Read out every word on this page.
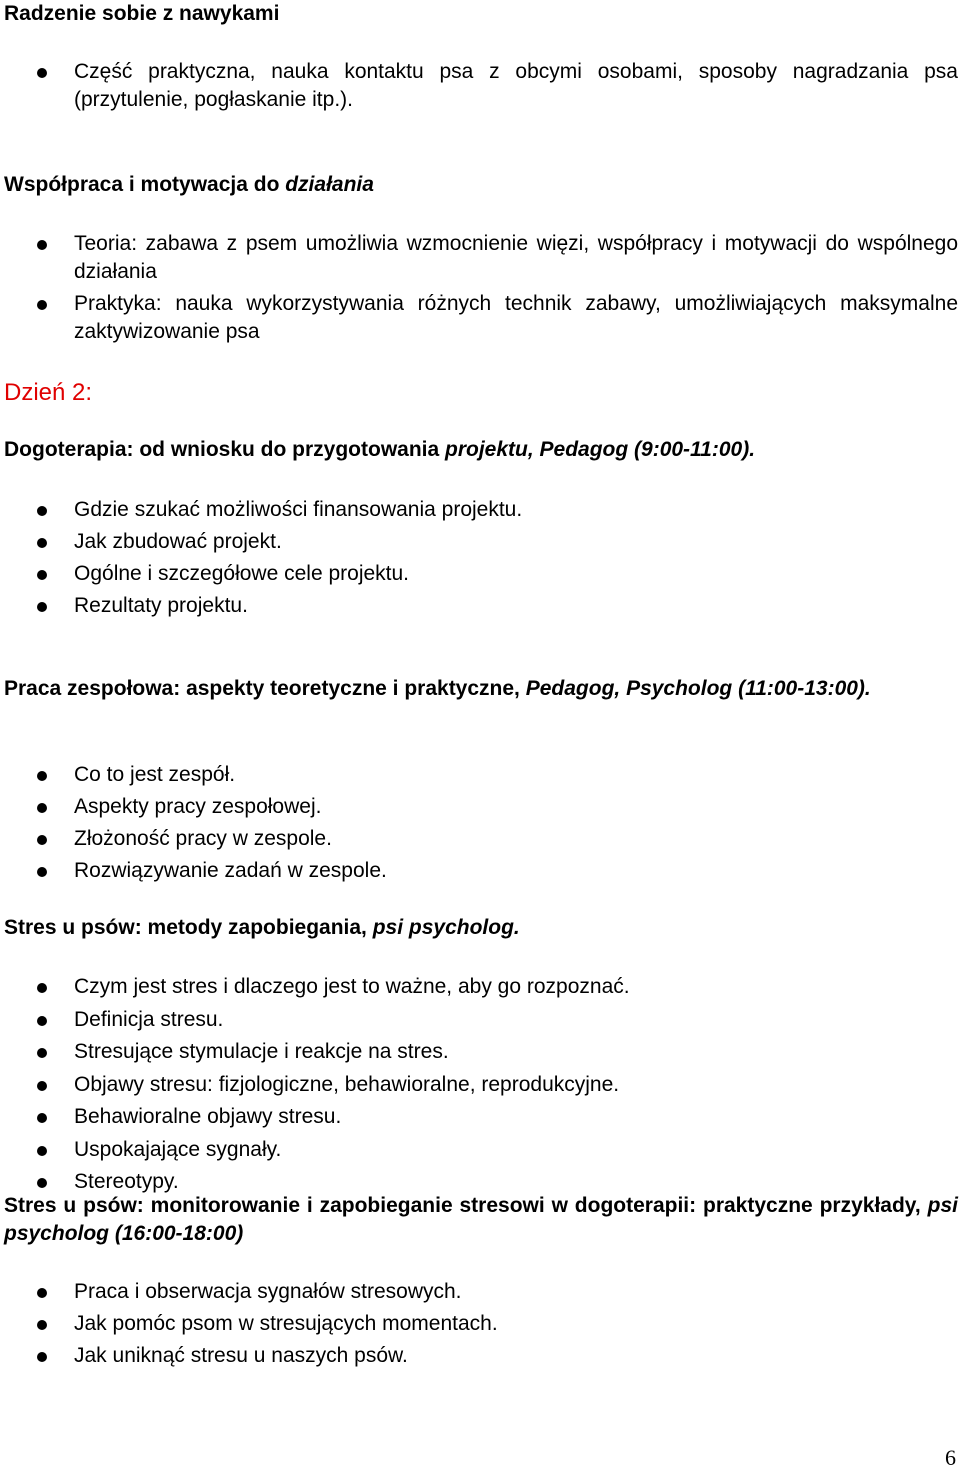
Radzenie sobie z nawykami

Część praktyczna, nauka kontaktu psa z obcymi osobami, sposoby nagradzania psa (przytulenie, pogłaskanie itp.).

Współpraca i motywacja do działania

Teoria: zabawa z psem umożliwia wzmocnienie więzi, współpracy i motywacji do wspólnego działania
Praktyka: nauka wykorzystywania różnych technik zabawy, umożliwiających maksymalne zaktywizowanie psa

Dzień 2:

Dogoterapia: od wniosku do przygotowania projektu, Pedagog (9:00-11:00).

Gdzie szukać możliwości finansowania projektu.
Jak zbudować projekt.
Ogólne i szczegółowe cele projektu.
Rezultaty projektu.

Praca zespołowa: aspekty teoretyczne i praktyczne, Pedagog, Psycholog (11:00-13:00).

Co to jest zespół.
Aspekty pracy zespołowej.
Złożoność pracy w zespole.
Rozwiązywanie zadań w zespole.

Stres u psów: metody zapobiegania, psi psycholog.

Czym jest stres i dlaczego jest to ważne, aby go rozpoznać.
Definicja stresu.
Stresujące stymulacje i reakcje na stres.
Objawy stresu: fizjologiczne, behawioralne, reprodukcyjne.
Behawioralne objawy stresu.
Uspokajające sygnały.
Stereotypy.

Stres u psów: monitorowanie i zapobieganie stresowi w dogoterapii: praktyczne przykłady, psi psycholog (16:00-18:00)

Praca i obserwacja sygnałów stresowych.
Jak pomóc psom w stresujących momentach.
Jak uniknąć stresu u naszych psów.
6
